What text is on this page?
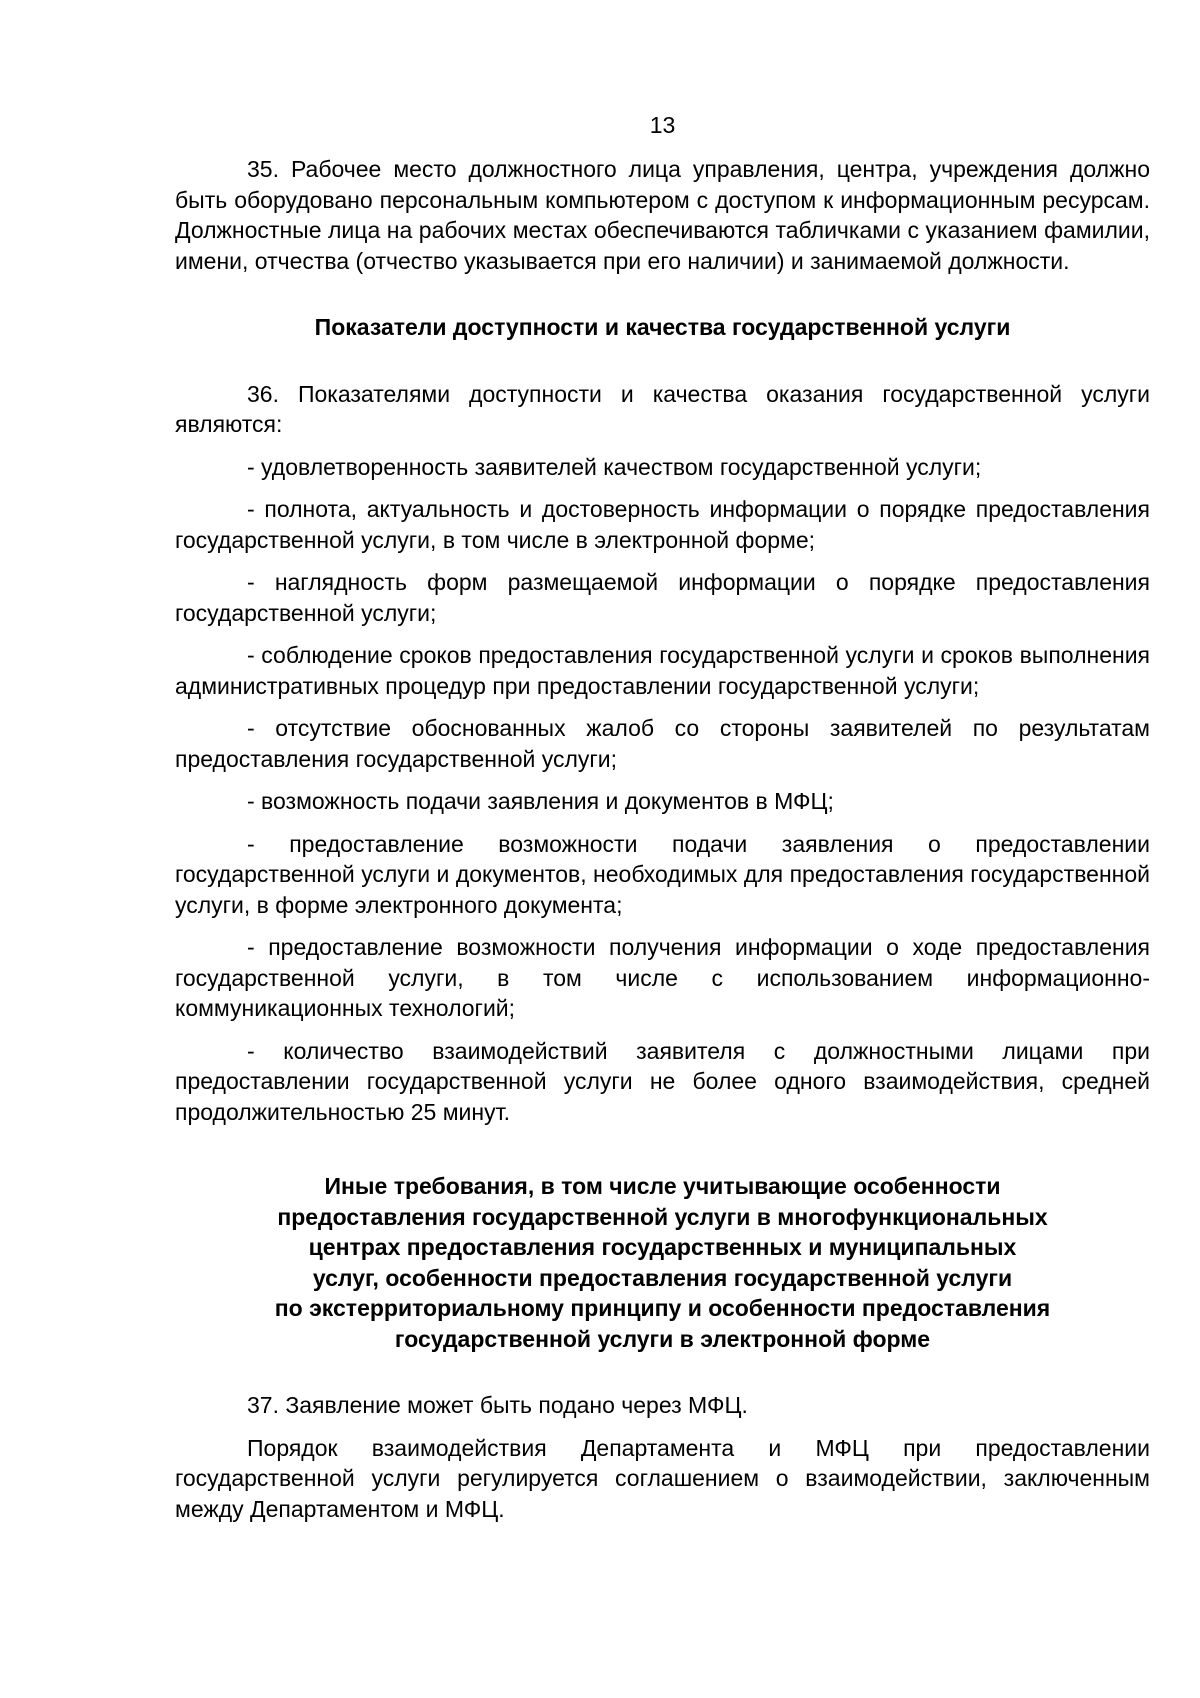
13

35. Рабочее место должностного лица управления, центра, учреждения должно быть оборудовано персональным компьютером с доступом к информационным ресурсам. Должностные лица на рабочих местах обеспечиваются табличками с указанием фамилии, имени, отчества (отчество указывается при его наличии) и занимаемой должности.

Показатели доступности и качества государственной услуги

36. Показателями доступности и качества оказания государственной услуги являются:

- удовлетворенность заявителей качеством государственной услуги;

- полнота, актуальность и достоверность информации о порядке предоставления государственной услуги, в том числе в электронной форме;

- наглядность форм размещаемой информации о порядке предоставления государственной услуги;

- соблюдение сроков предоставления государственной услуги и сроков выполнения административных процедур при предоставлении государственной услуги;

- отсутствие обоснованных жалоб со стороны заявителей по результатам предоставления государственной услуги;

- возможность подачи заявления и документов в МФЦ;

- предоставление возможности подачи заявления о предоставлении государственной услуги и документов, необходимых для предоставления государственной услуги, в форме электронного документа;

- предоставление возможности получения информации о ходе предоставления государственной услуги, в том числе с использованием информационно-коммуникационных технологий;

- количество взаимодействий заявителя с должностными лицами при предоставлении государственной услуги не более одного взаимодействия, средней продолжительностью 25 минут.

Иные требования, в том числе учитывающие особенности
предоставления государственной услуги в многофункциональных
центрах предоставления государственных и муниципальных
услуг, особенности предоставления государственной услуги
по экстерриториальному принципу и особенности предоставления
государственной услуги в электронной форме

37. Заявление может быть подано через МФЦ.

Порядок взаимодействия Департамента и МФЦ при предоставлении государственной услуги регулируется соглашением о взаимодействии, заключенным между Департаментом и МФЦ.
